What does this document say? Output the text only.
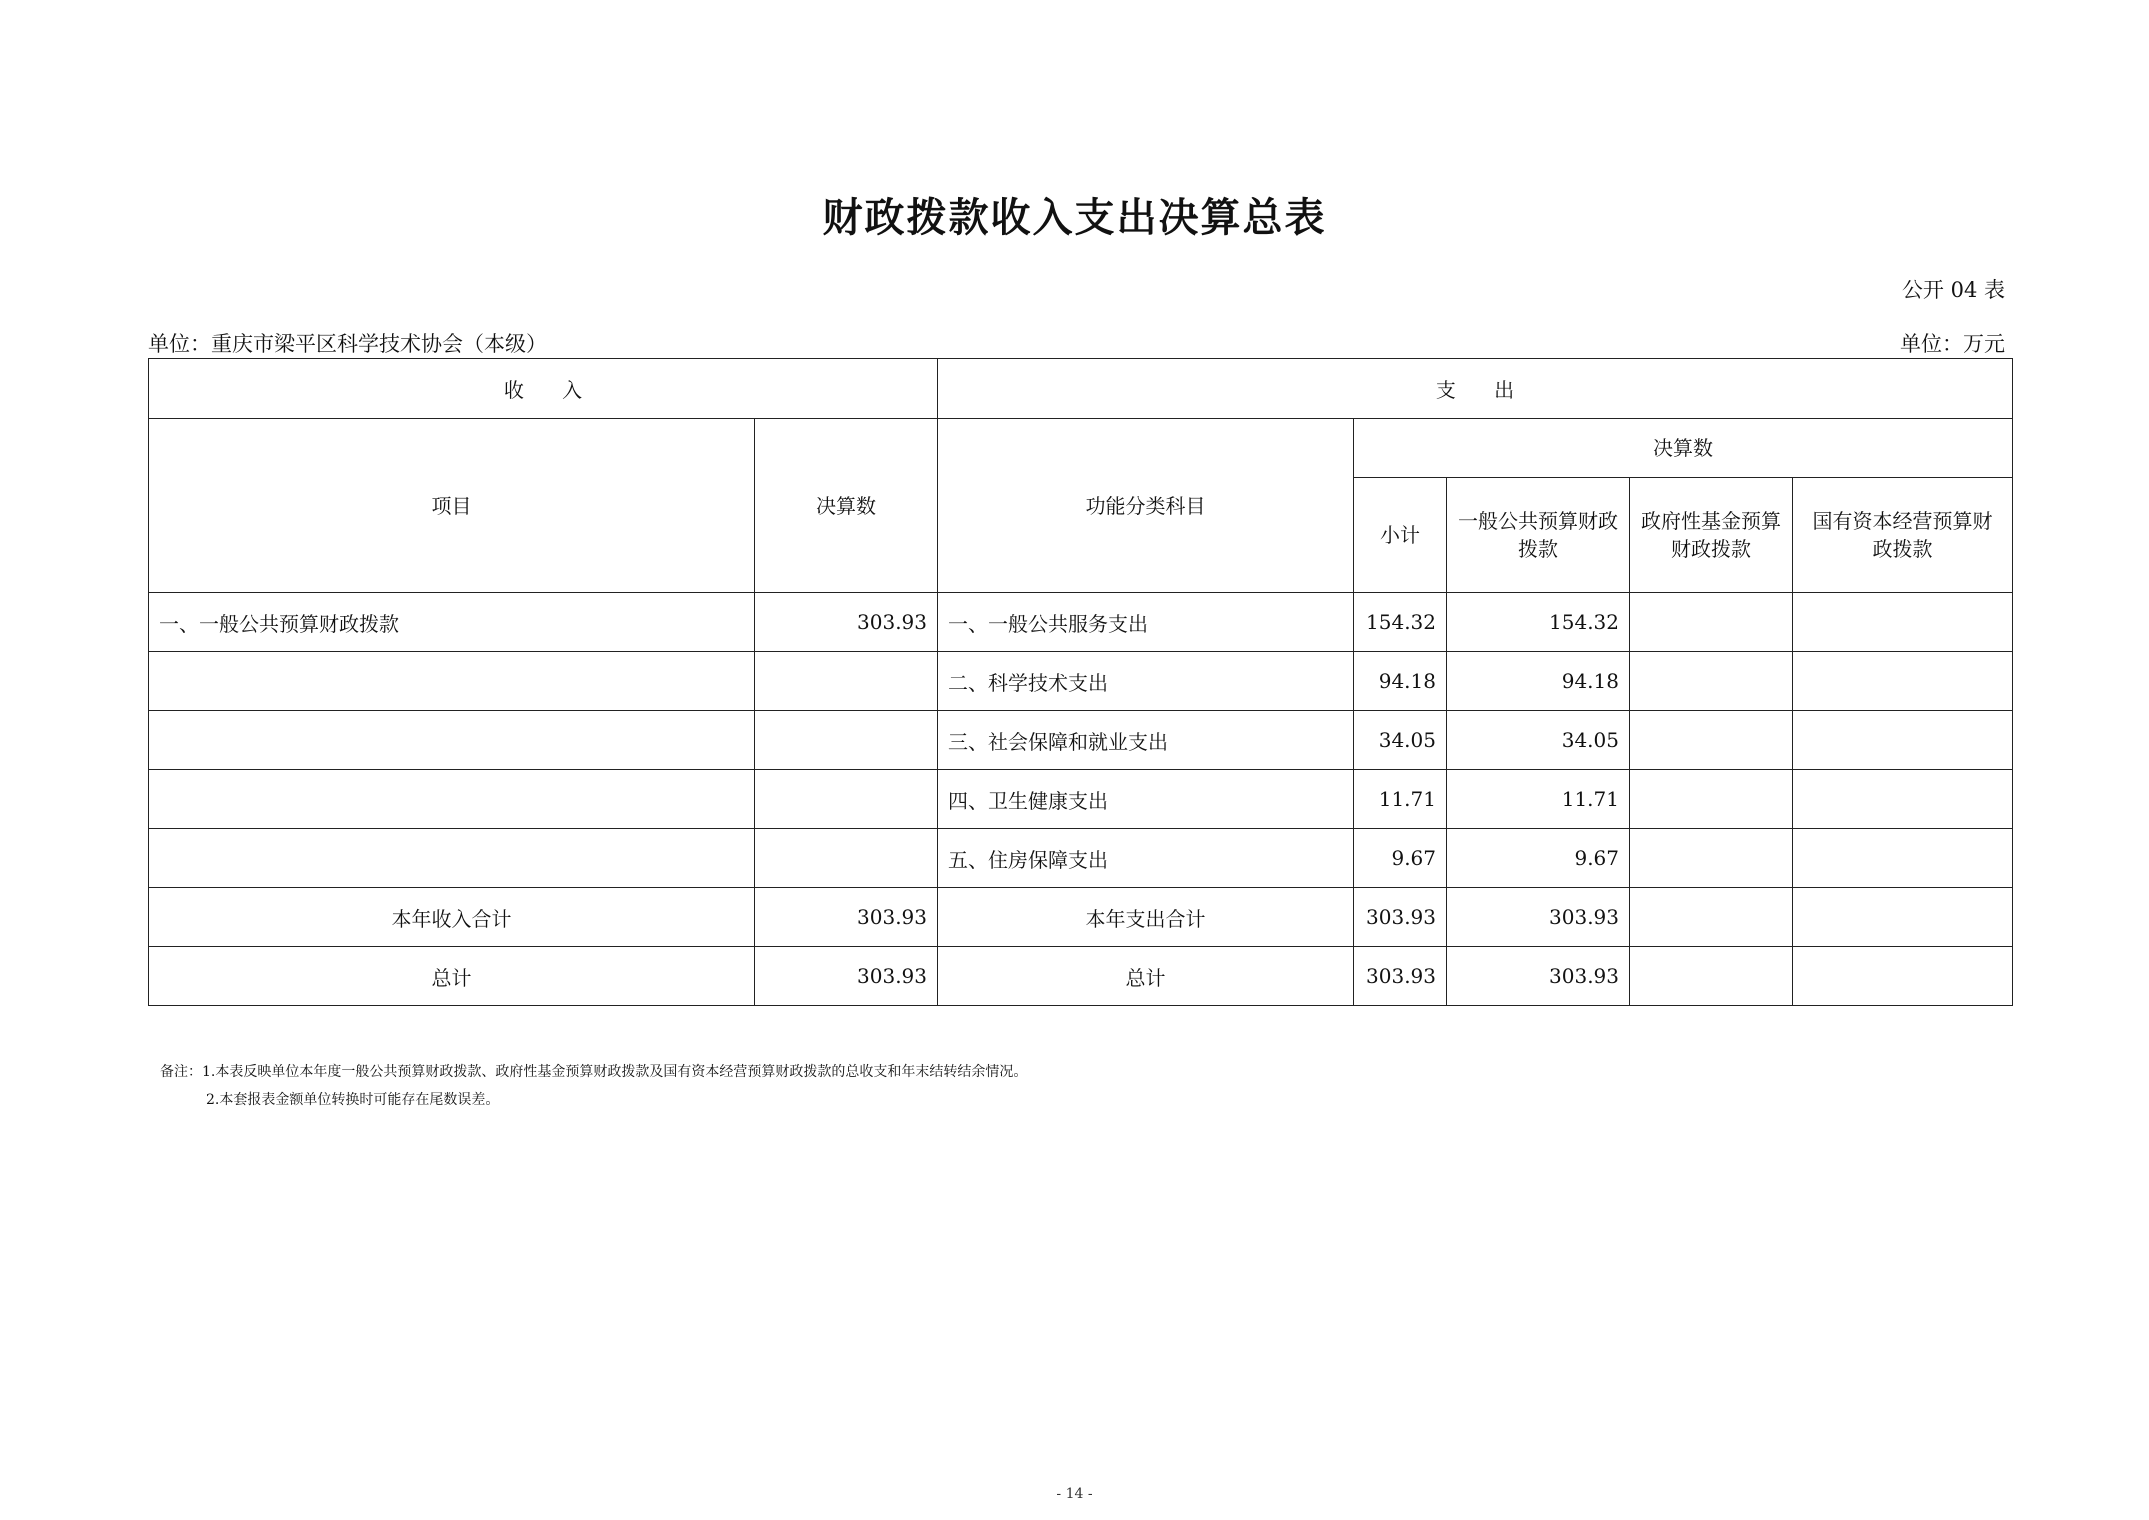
财政拨款收入支出决算总表
公开 04 表
单位：重庆市梁平区科学技术协会（本级）	单位：万元
收      入		支      出				
项目	决算数	功能分类科目	决算数			
			小计	一般公共预算财政拨款	政府性基金预算财政拨款	国有资本经营预算财政拨款
一、一般公共预算财政拨款	303.93	一、一般公共服务支出	154.32	154.32		
		二、科学技术支出	94.18	94.18		
		三、社会保障和就业支出	34.05	34.05		
		四、卫生健康支出	11.71	11.71		
		五、住房保障支出	9.67	9.67		
本年收入合计	303.93	本年支出合计	303.93	303.93		
总计	303.93	总计	303.93	303.93		
备注：1.本表反映单位本年度一般公共预算财政拨款、政府性基金预算财政拨款及国有资本经营预算财政拨款的总收支和年末结转结余情况。
2.本套报表金额单位转换时可能存在尾数误差。
- 14 -
